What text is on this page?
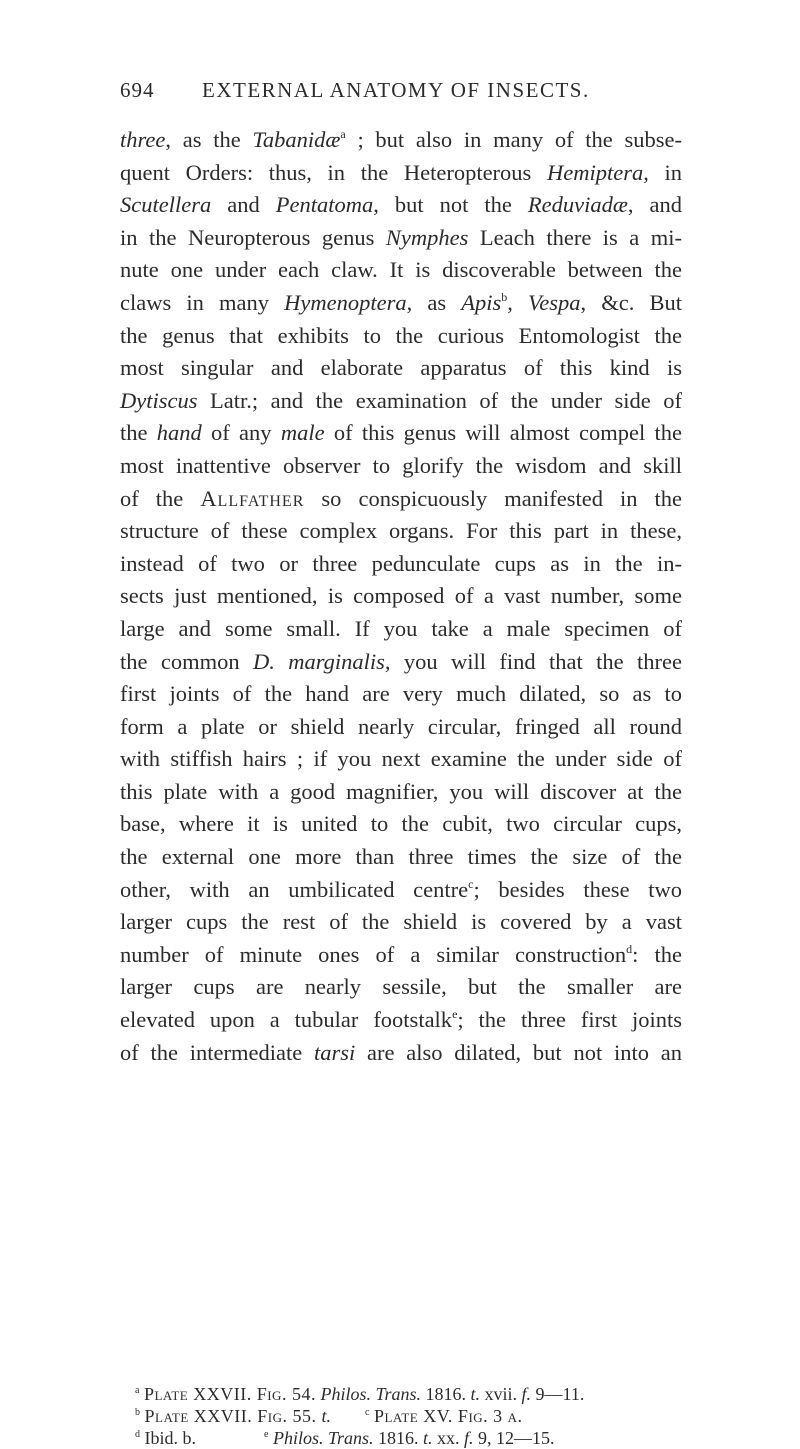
694 EXTERNAL ANATOMY OF INSECTS.
three, as the Tabanidæ$^a$ ; but also in many of the subse-
quent Orders: thus, in the Heteropterous Hemiptera, in
Scutellera and Pentatoma, but not the Reduviadæ, and
in the Neuropterous genus Nymphes Leach there is a mi-
nute one under each claw. It is discoverable between the
claws in many Hymenoptera, as Apis$^b$, Vespa, &c. But
the genus that exhibits to the curious Entomologist the
most singular and elaborate apparatus of this kind is
Dytiscus Latr.; and the examination of the under side of
the hand of any male of this genus will almost compel the
most inattentive observer to glorify the wisdom and skill
of the Allfather so conspicuously manifested in the
structure of these complex organs. For this part in these,
instead of two or three pedunculate cups as in the in-
sects just mentioned, is composed of a vast number, some
large and some small. If you take a male specimen of
the common D. marginalis, you will find that the three
first joints of the hand are very much dilated, so as to
form a plate or shield nearly circular, fringed all round
with stiffish hairs ; if you next examine the under side of
this plate with a good magnifier, you will discover at the
base, where it is united to the cubit, two circular cups,
the external one more than three times the size of the
other, with an umbilicated centre$^c$; besides these two
larger cups the rest of the shield is covered by a vast
number of minute ones of a similar construction$^d$: the
larger cups are nearly sessile, but the smaller are
elevated upon a tubular footstalk$^e$; the three first joints
of the intermediate tarsi are also dilated, but not into an
$^a$ Plate XXVII. Fig. 54. Philos. Trans. 1816. t. xvii. f. 9—11.
$^b$ Plate XXVII. Fig. 55. t.	$^c$ Plate XV. Fig. 3 a.
$^d$ Ibid. b.	$^e$ Philos. Trans. 1816. t. xx. f. 9, 12—15.
